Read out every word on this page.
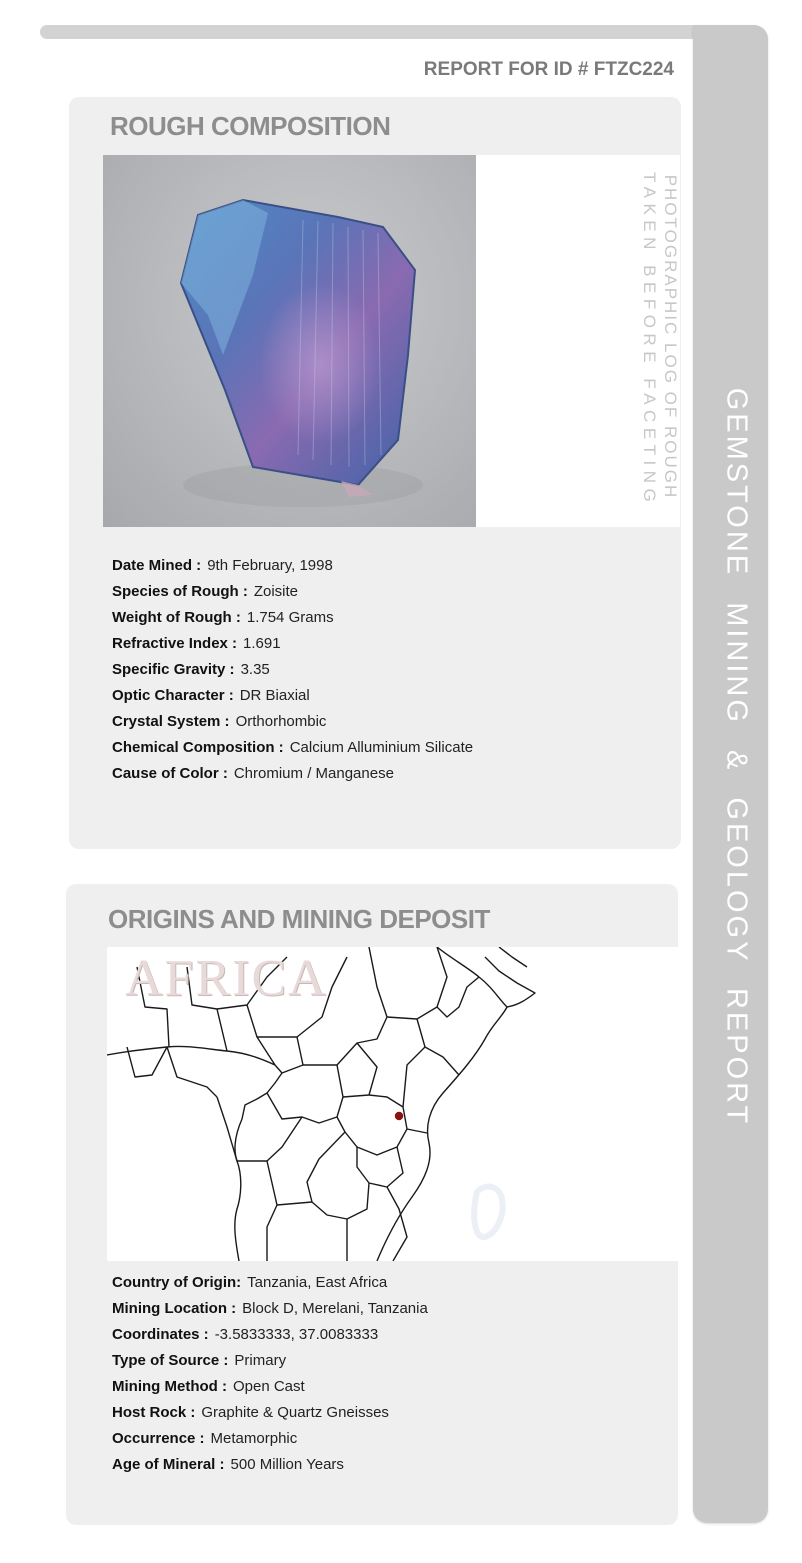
GEMSTONE MINING & GEOLOGY REPORT
REPORT FOR ID # FTZC224
ROUGH COMPOSITION
PHOTOGRAPHIC LOG OF ROUGH
TAKEN BEFORE FACETING
Date Mined : 9th February, 1998
Species of Rough : Zoisite
Weight of Rough : 1.754 Grams
Refractive Index : 1.691
Specific Gravity : 3.35
Optic Character : DR Biaxial
Crystal System : Orthorhombic
Chemical Composition : Calcium Alluminium Silicate
Cause of Color : Chromium / Manganese
ORIGINS AND MINING DEPOSIT
AFRICA
Country of Origin: Tanzania, East Africa
Mining Location : Block D, Merelani, Tanzania
Coordinates : -3.5833333, 37.0083333
Type of Source : Primary
Mining Method : Open Cast
Host Rock : Graphite & Quartz Gneisses
Occurrence : Metamorphic
Age of Mineral : 500 Million Years
